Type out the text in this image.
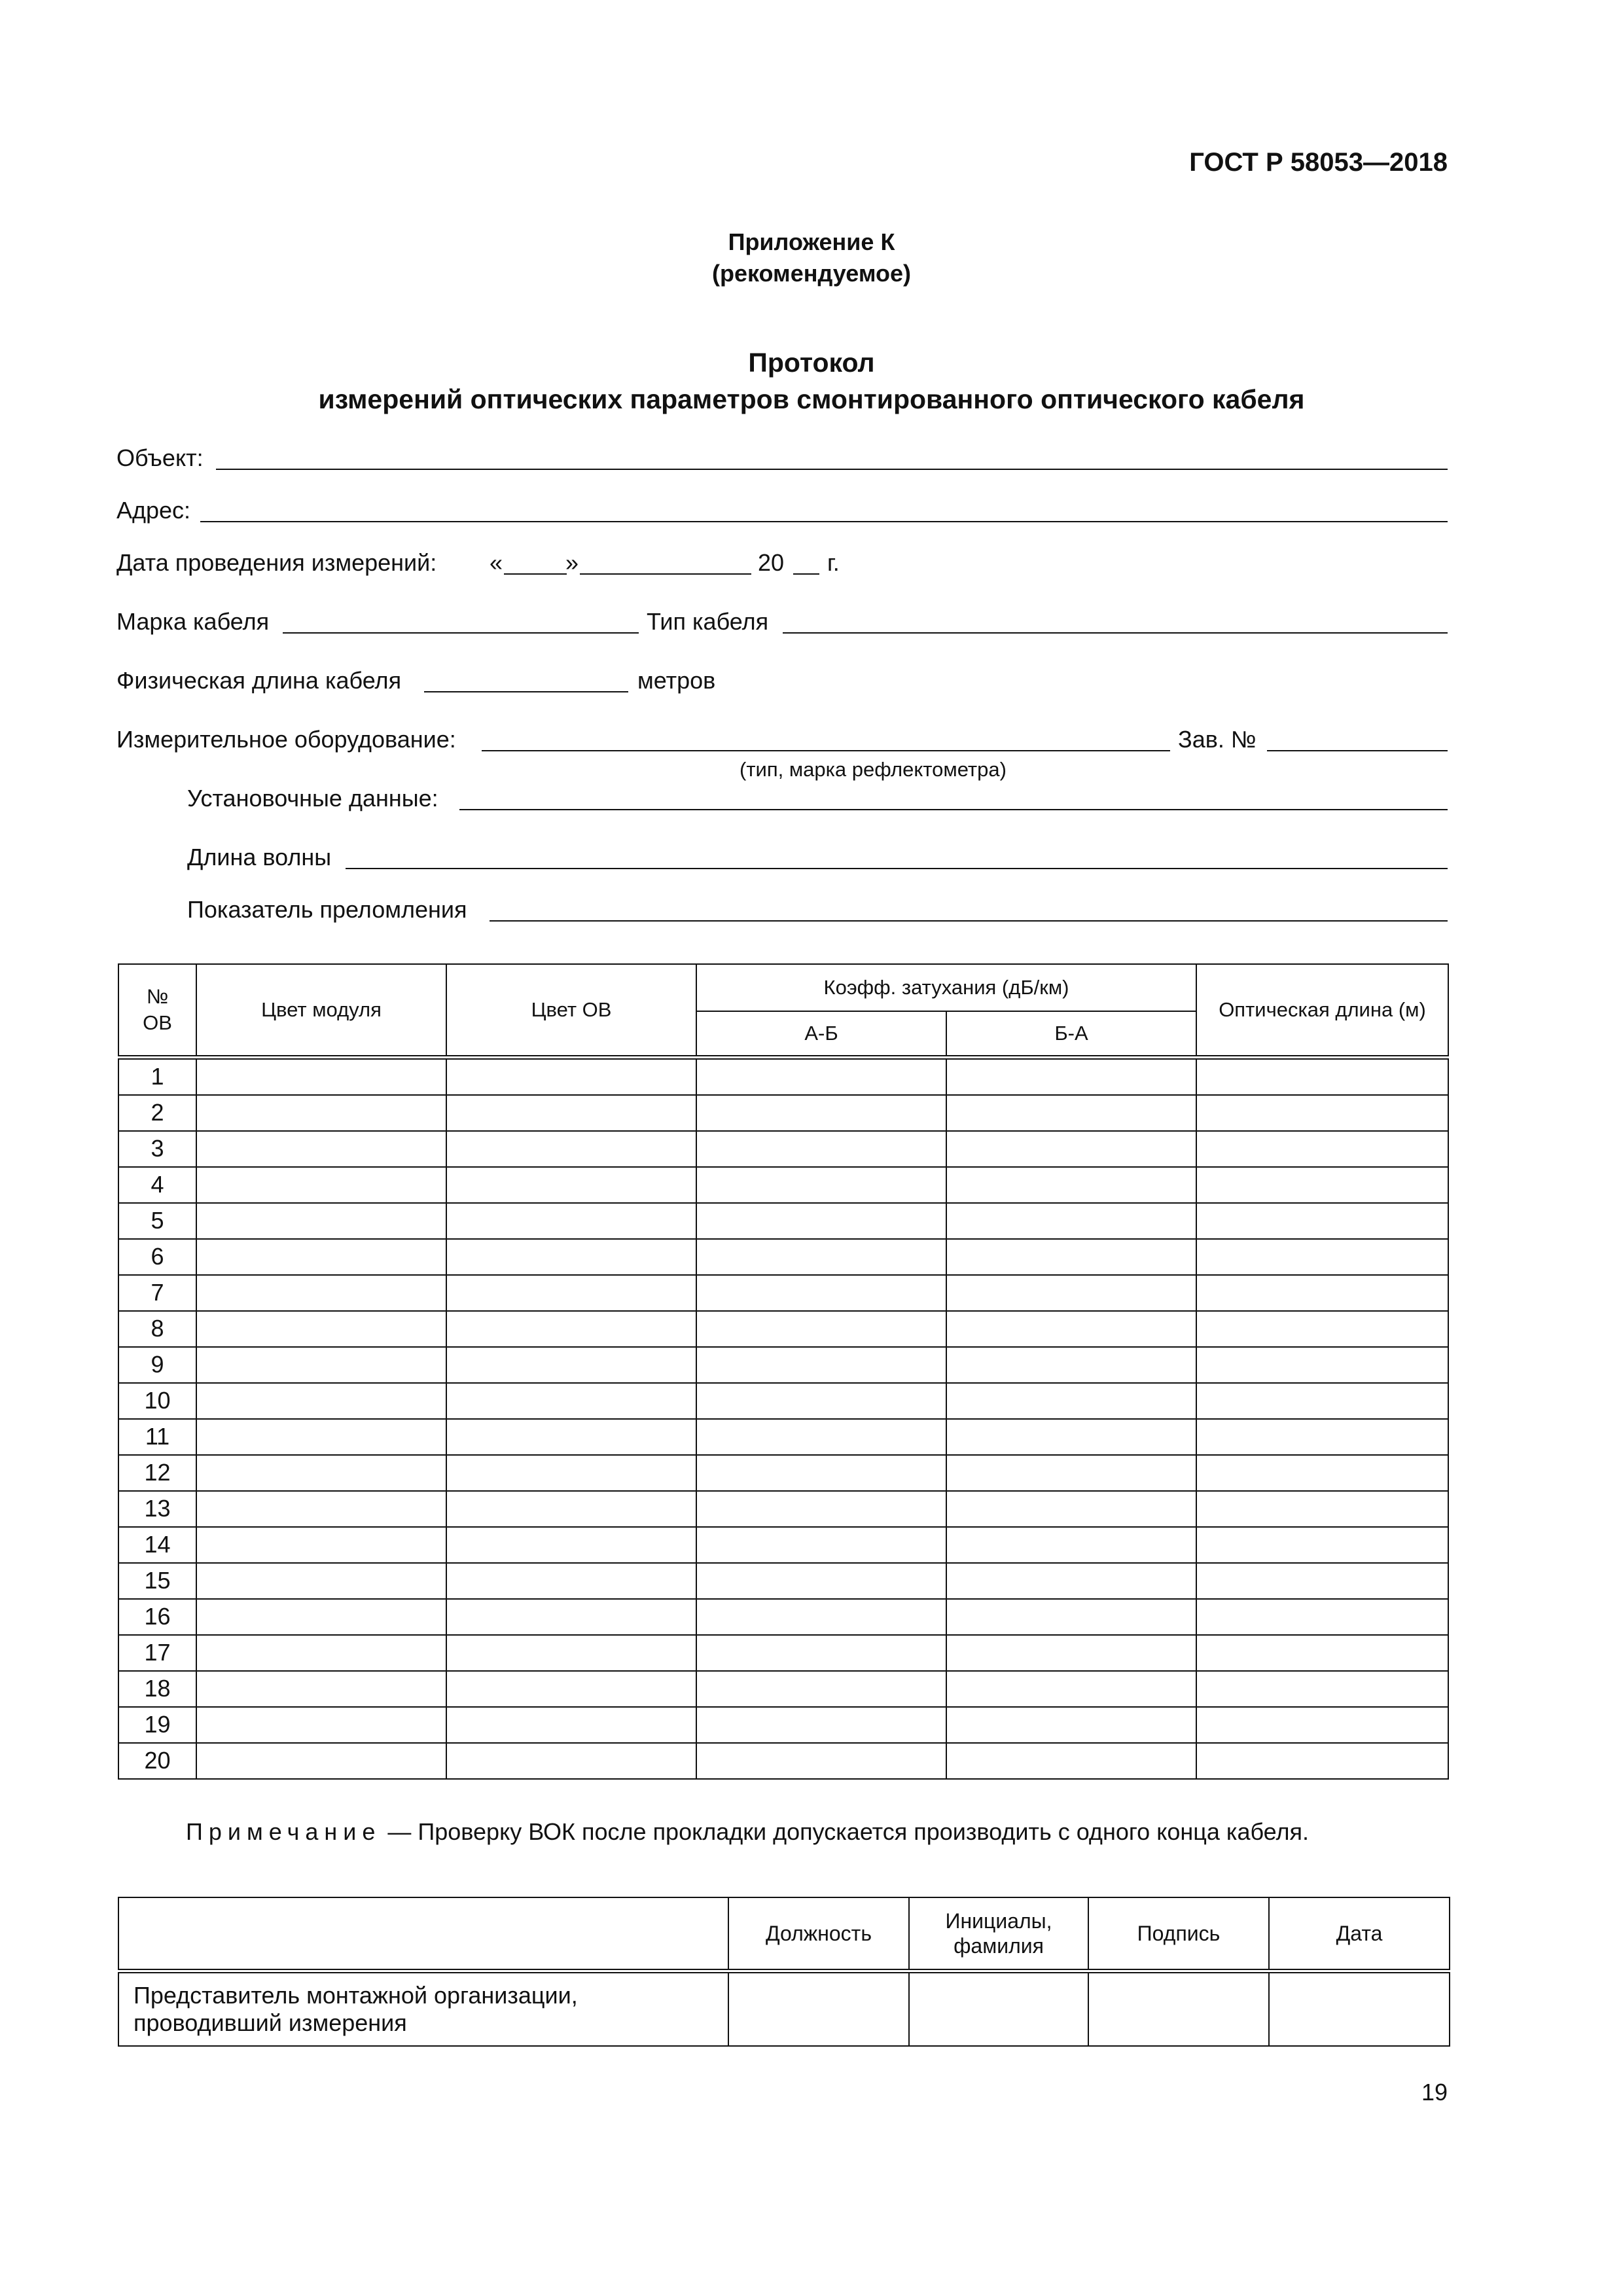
ГОСТ Р 58053—2018
Приложение К
(рекомендуемое)
Протокол
измерений оптических параметров смонтированного оптического кабеля
Объект:
Адрес:
Дата проведения измерений: «	»	20 г.
Марка кабеля	Тип кабеля
Физическая длина кабеля	метров
Измерительное оборудование:	Зав. №
(тип, марка рефлектометра)
Установочные данные:
Длина волны
Показатель преломления
№ ОВ	Цвет модуля	Цвет ОВ	Коэфф. затухания (дБ/км)		Оптическая длина (м)
			А-Б	Б-А	
1					
2					
3					
4					
5					
6					
7					
8					
9					
10					
11					
12					
13					
14					
15					
16					
17					
18					
19					
20					
Примечание — Проверку ВОК после прокладки допускается производить с одного конца кабеля.
	Должность	Инициалы, фамилия	Подпись	Дата
Представитель монтажной организации, проводивший измерения				
19
